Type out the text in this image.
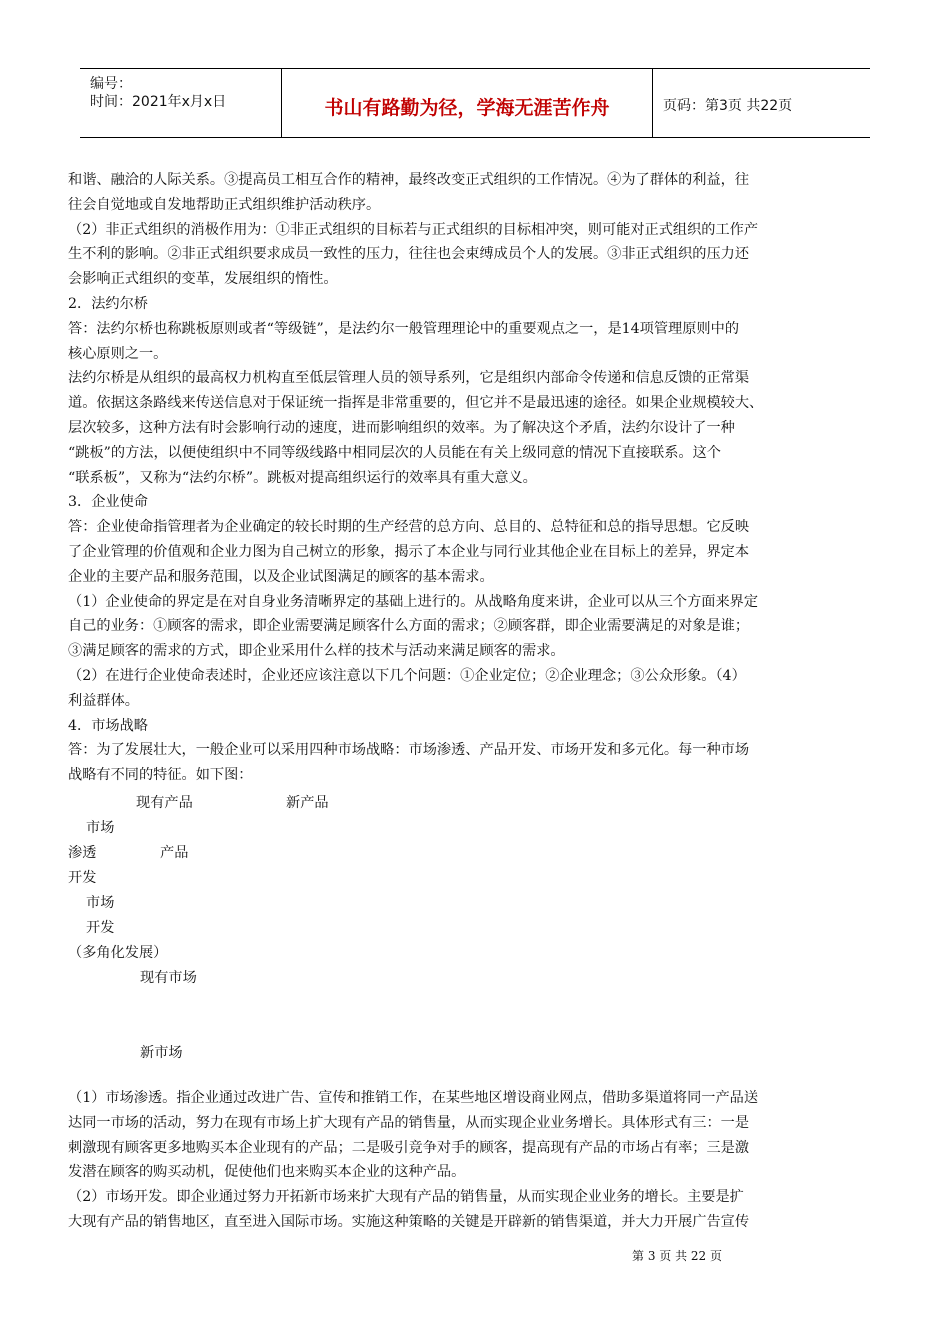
编号：
时间：2021年x月x日	书山有路勤为径，学海无涯苦作舟	页码：第3页 共22页

和谐、融洽的人际关系。③提高员工相互合作的精神，最终改变正式组织的工作情况。④为了群体的利益，往

往会自觉地或自发地帮助正式组织维护活动秩序。

（2）非正式组织的消极作用为：①非正式组织的目标若与正式组织的目标相冲突，则可能对正式组织的工作产

生不利的影响。②非正式组织要求成员一致性的压力，往往也会束缚成员个人的发展。③非正式组织的压力还

会影响正式组织的变革，发展组织的惰性。

2．法约尔桥

答：法约尔桥也称跳板原则或者“等级链”，是法约尔一般管理理论中的重要观点之一，是14项管理原则中的

核心原则之一。

法约尔桥是从组织的最高权力机构直至低层管理人员的领导系列，它是组织内部命令传递和信息反馈的正常渠

道。依据这条路线来传送信息对于保证统一指挥是非常重要的，但它并不是最迅速的途径。如果企业规模较大、

层次较多，这种方法有时会影响行动的速度，进而影响组织的效率。为了解决这个矛盾，法约尔设计了一种

“跳板”的方法，以便使组织中不同等级线路中相同层次的人员能在有关上级同意的情况下直接联系。这个

“联系板”，又称为“法约尔桥”。跳板对提高组织运行的效率具有重大意义。

3．企业使命

答：企业使命指管理者为企业确定的较长时期的生产经营的总方向、总目的、总特征和总的指导思想。它反映

了企业管理的价值观和企业力图为自己树立的形象，揭示了本企业与同行业其他企业在目标上的差异，界定本

企业的主要产品和服务范围，以及企业试图满足的顾客的基本需求。

（1）企业使命的界定是在对自身业务清晰界定的基础上进行的。从战略角度来讲，企业可以从三个方面来界定

自己的业务：①顾客的需求，即企业需要满足顾客什么方面的需求；②顾客群，即企业需要满足的对象是谁；

③满足顾客的需求的方式，即企业采用什么样的技术与活动来满足顾客的需求。

（2）在进行企业使命表述时，企业还应该注意以下几个问题：①企业定位；②企业理念；③公众形象。（4）

利益群体。

4．市场战略

答：为了发展壮大，一般企业可以采用四种市场战略：市场渗透、产品开发、市场开发和多元化。每一种市场

战略有不同的特征。如下图：

现有产品	新产品
市场
渗透	产品
开发
市场
开发
（多角化发展）
现有市场
新市场

（1）市场渗透。指企业通过改进广告、宣传和推销工作，在某些地区增设商业网点，借助多渠道将同一产品送

达同一市场的活动，努力在现有市场上扩大现有产品的销售量，从而实现企业业务增长。具体形式有三：一是

刺激现有顾客更多地购买本企业现有的产品；二是吸引竞争对手的顾客，提高现有产品的市场占有率；三是激

发潜在顾客的购买动机，促使他们也来购买本企业的这种产品。

（2）市场开发。即企业通过努力开拓新市场来扩大现有产品的销售量，从而实现企业业务的增长。主要是扩

大现有产品的销售地区，直至进入国际市场。实施这种策略的关键是开辟新的销售渠道，并大力开展广告宣传

第 3 页 共 22 页
